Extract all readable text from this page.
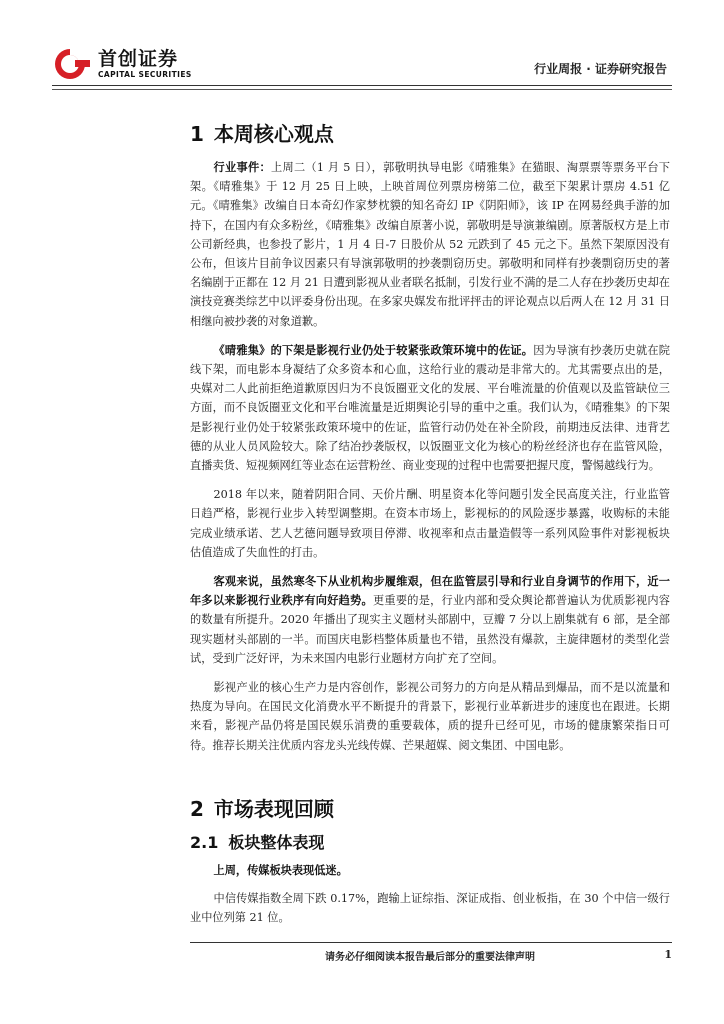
首创证券
CAPITAL SECURITIES	行业周报 · 证券研究报告
1 本周核心观点

行业事件：上周二（1 月 5 日），郭敬明执导电影《晴雅集》在猫眼、淘票票等票务平台下架。《晴雅集》于 12 月 25 日上映，上映首周位列票房榜第二位，截至下架累计票房 4.51 亿元。《晴雅集》改编自日本奇幻作家梦枕貘的知名奇幻 IP《阴阳师》，该 IP 在网易经典手游的加持下，在国内有众多粉丝，《晴雅集》改编自原著小说，郭敬明是导演兼编剧。原著版权方是上市公司新经典，也参投了影片，1 月 4 日-7 日股价从 52 元跌到了 45 元之下。虽然下架原因没有公布，但该片目前争议因素只有导演郭敬明的抄袭剽窃历史。郭敬明和同样有抄袭剽窃历史的著名编剧于正都在 12 月 21 日遭到影视从业者联名抵制，引发行业不满的是二人存在抄袭历史却在演技竞赛类综艺中以评委身份出现。在多家央媒发布批评抨击的评论观点以后两人在 12 月 31 日相继向被抄袭的对象道歉。

《晴雅集》的下架是影视行业仍处于较紧张政策环境中的佐证。因为导演有抄袭历史就在院线下架，而电影本身凝结了众多资本和心血，这给行业的震动是非常大的。尤其需要点出的是，央媒对二人此前拒绝道歉原因归为不良饭圈亚文化的发展、平台唯流量的价值观以及监管缺位三方面，而不良饭圈亚文化和平台唯流量是近期舆论引导的重中之重。我们认为，《晴雅集》的下架是影视行业仍处于较紧张政策环境中的佐证，监管行动仍处在补全阶段，前期违反法律、违背艺德的从业人员风险较大。除了结冶抄袭版权，以饭圈亚文化为核心的粉丝经济也存在监管风险，直播卖货、短视频网红等业态在运营粉丝、商业变现的过程中也需要把握尺度，警惕越线行为。

2018 年以来，随着阴阳合同、天价片酬、明星资本化等问题引发全民高度关注，行业监管日趋严格，影视行业步入转型调整期。在资本市场上，影视标的的风险逐步暴露，收购标的未能完成业绩承诺、艺人艺德问题导致项目停滞、收视率和点击量造假等一系列风险事件对影视板块估值造成了失血性的打击。

客观来说，虽然寒冬下从业机构步履维艰，但在监管层引导和行业自身调节的作用下，近一年多以来影视行业秩序有向好趋势。更重要的是，行业内部和受众舆论都普遍认为优质影视内容的数量有所提升。2020 年播出了现实主义题材头部剧中，豆瓣 7 分以上剧集就有 6 部，是全部现实题材头部剧的一半。而国庆电影档整体质量也不错，虽然没有爆款，主旋律题材的类型化尝试，受到广泛好评，为未来国内电影行业题材方向扩充了空间。

影视产业的核心生产力是内容创作，影视公司努力的方向是从精品到爆品，而不是以流量和热度为导向。在国民文化消费水平不断提升的背景下，影视行业革新进步的速度也在跟进。长期来看，影视产品仍将是国民娱乐消费的重要载体，质的提升已经可见，市场的健康繁荣指日可待。推荐长期关注优质内容龙头光线传媒、芒果超媒、阅文集团、中国电影。

2 市场表现回顾
2.1 板块整体表现

上周，传媒板块表现低迷。

中信传媒指数全周下跌 0.17%，跑输上证综指、深证成指、创业板指，在 30 个中信一级行业中位列第 21 位。

请务必仔细阅读本报告最后部分的重要法律声明	1
